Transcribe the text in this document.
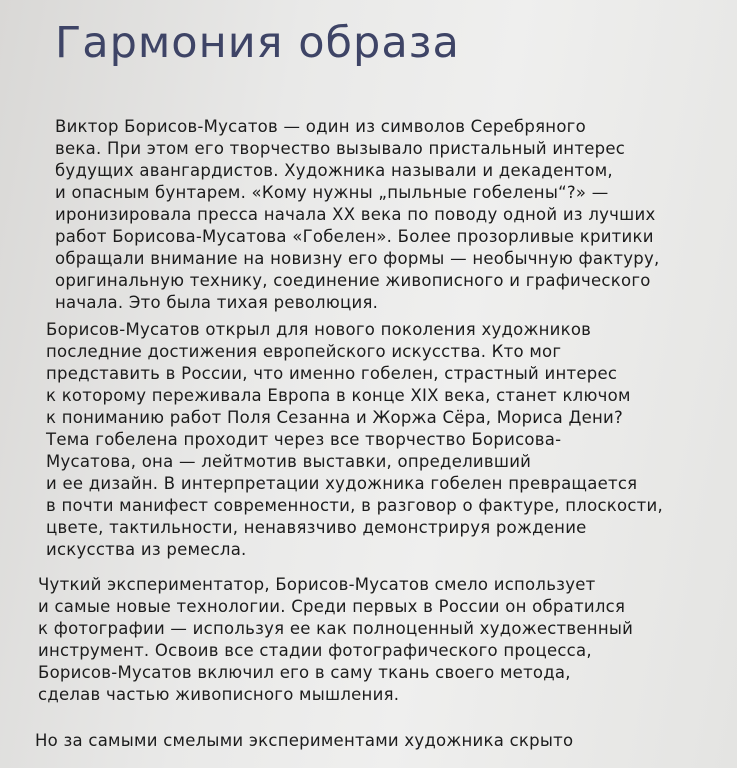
Гармония образа
Виктор Борисов-Мусатов — один из символов Серебряного
века. При этом его творчество вызывало пристальный интерес
будущих авангардистов. Художника называли и декадентом,
и опасным бунтарем. «Кому нужны „пыльные гобелены“?» —
иронизировала пресса начала XX века по поводу одной из лучших
работ Борисова-Мусатова «Гобелен». Более прозорливые критики
обращали внимание на новизну его формы — необычную фактуру,
оригинальную технику, соединение живописного и графического
начала. Это была тихая революция.
Борисов-Мусатов открыл для нового поколения художников
последние достижения европейского искусства. Кто мог
представить в России, что именно гобелен, страстный интерес
к которому переживала Европа в конце XIX века, станет ключом
к пониманию работ Поля Сезанна и Жоржа Сёра, Мориса Дени?
Тема гобелена проходит через все творчество Борисова-
Мусатова, она — лейтмотив выставки, определивший
и ее дизайн. В интерпретации художника гобелен превращается
в почти манифест современности, в разговор о фактуре, плоскости,
цвете, тактильности, ненавязчиво демонстрируя рождение
искусства из ремесла.
Чуткий экспериментатор, Борисов-Мусатов смело использует
и самые новые технологии. Среди первых в России он обратился
к фотографии — используя ее как полноценный художественный
инструмент. Освоив все стадии фотографического процесса,
Борисов-Мусатов включил его в саму ткань своего метода,
сделав частью живописного мышления.
Но за самыми смелыми экспериментами художника скрыто
